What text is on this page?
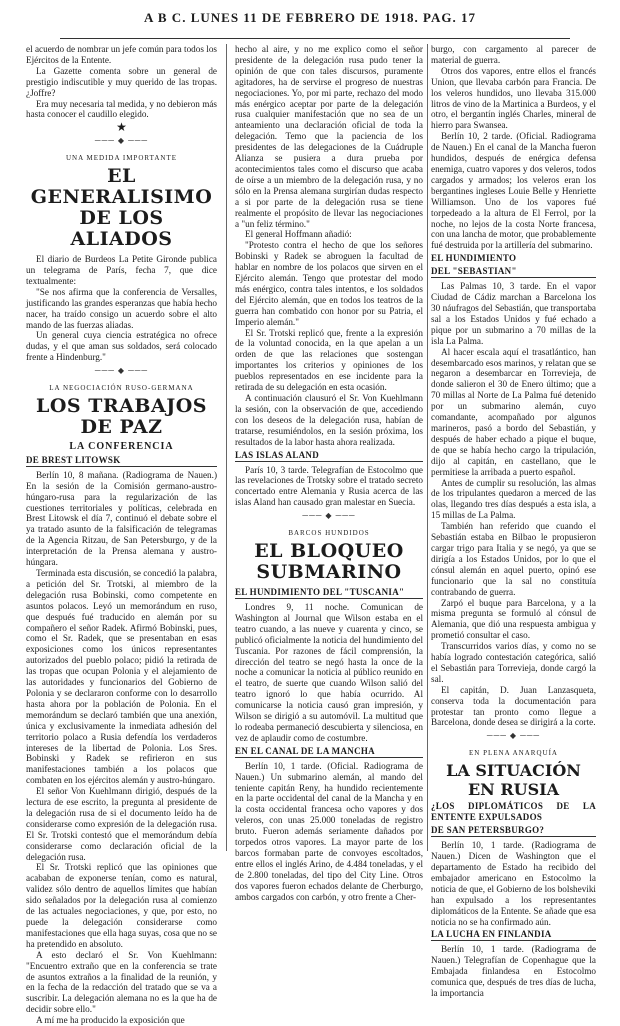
A B C. LUNES 11 DE FEBRERO DE 1918. PAG. 17

el acuerdo de nombrar un jefe común para todos los Ejércitos de la Entente.

La Gazette comenta sobre un general de prestigio indiscutible y muy querido de las tropas. ¿Joffre?

Era muy necesaria tal medida, y no debieron más hasta conocer el caudillo elegido.

★
─── ◆ ───

UNA MEDIDA IMPORTANTE

EL GENERALISIMO DE LOS ALIADOS

El diario de Burdeos La Petite Gironde publica un telegrama de París, fecha 7, que dice textualmente:

"Se nos afirma que la conferencia de Versalles, justificando las grandes esperanzas que había hecho nacer, ha traído consigo un acuerdo sobre el alto mando de las fuerzas aliadas.

Un general cuya ciencia estratégica no ofrece dudas, y el que aman sus soldados, será colocado frente a Hindenburg."

─── ◆ ───

LA NEGOCIACIÓN RUSO-GERMANA

LOS TRABAJOS DE PAZ
LA CONFERENCIA
DE BREST LITOWSK

Berlín 10, 8 mañana. (Radiograma de Nauen.) En la sesión de la Comisión germano-austro-húngaro-rusa para la regularización de las cuestiones territoriales y políticas, celebrada en Brest Litowsk el día 7, continuó el debate sobre el ya tratado asunto de la falsificación de telegramas de la Agencia Ritzau, de San Petersburgo, y de la interpretación de la Prensa alemana y austro-húngara.

Terminada esta discusión, se concedió la palabra, a petición del Sr. Trotski, al miembro de la delegación rusa Bobinski, como competente en asuntos polacos. Leyó un memorándum en ruso, que después fué traducido en alemán por su compañero el señor Radek. Afirmó Bobinski, pues, como el Sr. Radek, que se presentaban en esas exposiciones como los únicos representantes autorizados del pueblo polaco; pidió la retirada de las tropas que ocupan Polonia y el alejamiento de las autoridades y funcionarios del Gobierno de Polonia y se declararon conforme con lo desarrollo hasta ahora por la población de Polonia. En el memorándum se declaró también que una anexión, única y exclusivamente la inmediata adhesión del territorio polaco a Rusia defendía los verdaderos intereses de la libertad de Polonia. Los Sres. Bobinski y Radek se refirieron en sus manifestaciones también a los polacos que combaten en los ejércitos alemán y austro-húngaro.

El señor Von Kuehlmann dirigió, después de la lectura de ese escrito, la pregunta al presidente de la delegación rusa de si el documento leído ha de considerarse como expresión de la delegación rusa. El Sr. Trotski contestó que el memorándum debía considerarse como declaración oficial de la delegación rusa.

El Sr. Trotski replicó que las opiniones que acababan de exponerse tenían, como es natural, validez sólo dentro de aquellos límites que habían sido señalados por la delegación rusa al comienzo de las actuales negociaciones, y que, por esto, no puede la delegación considerarse como manifestaciones que ella haga suyas, cosa que no se ha pretendido en absoluto.

A esto declaró el Sr. Von Kuehlmann: "Encuentro extraño que en la conferencia se trate de asuntos extraños a la finalidad de la reunión, y en la fecha de la redacción del tratado que se va a suscribir. La delegación alemana no es la que ha de decidir sobre ello."

A mí me ha producido la exposición que

hecho al aire, y no me explico como el señor presidente de la delegación rusa pudo tener la opinión de que con tales discursos, puramente agitadores, ha de servirse el progreso de nuestras negociaciones. Yo, por mi parte, rechazo del modo más enérgico aceptar por parte de la delegación rusa cualquier manifestación que no sea de un anteamiento una declaración oficial de toda la delegación. Temo que la paciencia de los presidentes de las delegaciones de la Cuádruple Alianza se pusiera a dura prueba por acontecimientos tales como el discurso que acaba de oírse a un miembro de la delegación rusa, y no sólo en la Prensa alemana surgirían dudas respecto a si por parte de la delegación rusa se tiene realmente el propósito de llevar las negociaciones a "un feliz término."

El general Hoffmann añadió:

"Protesto contra el hecho de que los señores Bobinski y Radek se abroguen la facultad de hablar en nombre de los polacos que sirven en el Ejército alemán. Tengo que protestar del modo más enérgico, contra tales intentos, e los soldados del Ejército alemán, que en todos los teatros de la guerra han combatido con honor por su Patria, el Imperio alemán."

El Sr. Trotski replicó que, frente a la expresión de la voluntad conocida, en la que apelan a un orden de que las relaciones que sostengan importantes los criterios y opiniones de los pueblos representados en ese incidente para la retirada de su delegación en esta ocasión.

A continuación clausuró el Sr. Von Kuehlmann la sesión, con la observación de que, accediendo con los deseos de la delegación rusa, habían de tratarse, resumiéndolos, en la sesión próxima, los resultados de la labor hasta ahora realizada.

LAS ISLAS ALAND

París 10, 3 tarde. Telegrafían de Estocolmo que las revelaciones de Trotsky sobre el tratado secreto concertado entre Alemania y Rusia acerca de las islas Aland han causado gran malestar en Suecia.

─── ◆ ───

BARCOS HUNDIDOS

EL BLOQUEO SUBMARINO
EL HUNDIMIENTO DEL "TUSCANIA"

Londres 9, 11 noche. Comunican de Washington al Journal que Wilson estaba en el teatro cuando, a las nueve y cuarenta y cinco, se publicó oficialmente la noticia del hundimiento del Tuscania. Por razones de fácil comprensión, la dirección del teatro se negó hasta la once de la noche a comunicar la noticia al público reunido en el teatro, de suerte que cuando Wilson salió del teatro ignoró lo que había ocurrido. Al comunicarse la noticia causó gran impresión, y Wilson se dirigió a su automóvil. La multitud que lo rodeaba permaneció descubierta y silenciosa, en vez de aplaudir como de costumbre.

EN EL CANAL DE LA MANCHA

Berlín 10, 1 tarde. (Oficial. Radiograma de Nauen.) Un submarino alemán, al mando del teniente capitán Reny, ha hundido recientemente en la parte occidental del canal de la Mancha y en la costa occidental francesa ocho vapores y dos veleros, con unas 25.000 toneladas de registro bruto. Fueron además seriamente dañados por torpedos otros vapores. La mayor parte de los barcos formaban parte de convoyes escoltados, entre ellos el inglés Arino, de 4.484 toneladas, y el de 2.800 toneladas, del tipo del City Line. Otros dos vapores fueron echados delante de Cherburgo, ambos cargados con carbón, y otro frente a Cher-

burgo, con cargamento al parecer de material de guerra.

Otros dos vapores, entre ellos el francés Union, que llevaba carbón para Francia. De los veleros hundidos, uno llevaba 315.000 litros de vino de la Martinica a Burdeos, y el otro, el bergantín inglés Charles, mineral de hierro para Swansea.

Berlín 10, 2 tarde. (Oficial. Radiograma de Nauen.) En el canal de la Mancha fueron hundidos, después de enérgica defensa enemiga, cuatro vapores y dos veleros, todos cargados y armados; los veleros eran los bergantines ingleses Louie Belle y Henriette Williamson. Uno de los vapores fué torpedeado a la altura de El Ferrol, por la noche, no lejos de la costa Norte francesa, con una lancha de motor, que probablemente fué destruida por la artillería del submarino.

EL HUNDIMIENTO
DEL "SEBASTIAN"

Las Palmas 10, 3 tarde. En el vapor Ciudad de Cádiz marchan a Barcelona los 30 náufragos del Sebastián, que transportaba sal a los Estados Unidos y fué echado a pique por un submarino a 70 millas de la isla La Palma.

Al hacer escala aquí el trasatlántico, han desembarcado esos marinos, y relatan que se negaron a desembarcar en Torrevieja, de donde salieron el 30 de Enero último; que a 70 millas al Norte de La Palma fué detenido por un submarino alemán, cuyo comandante, acompañado por algunos marineros, pasó a bordo del Sebastián, y después de haber echado a pique el buque, de que se había hecho cargo la tripulación, dijo al capitán, en castellano, que le permitiese la arribada a puerto español.

Antes de cumplir su resolución, las almas de los tripulantes quedaron a merced de las olas, llegando tres días después a esta isla, a 15 millas de La Palma.

También han referido que cuando el Sebastián estaba en Bilbao le propusieron cargar trigo para Italia y se negó, ya que se dirigía a los Estados Unidos, por lo que el cónsul alemán en aquel puerto, opinó ese funcionario que la sal no constituía contrabando de guerra.

Zarpó el buque para Barcelona, y a la misma pregunta se formuló al cónsul de Alemania, que dió una respuesta ambigua y prometió consultar el caso.

Transcurridos varios días, y como no se había logrado contestación categórica, salió el Sebastián para Torrevieja, donde cargó la sal.

El capitán, D. Juan Lanzasqueta, conserva toda la documentación para protestar tan pronto como llegue a Barcelona, donde desea se dirigirá a la corte.

─── ◆ ───

EN PLENA ANARQUÍA

LA SITUACIÓN EN RUSIA
¿LOS DIPLOMÁTICOS DE LA ENTENTE EXPULSADOS
DE SAN PETERSBURGO?

Berlín 10, 1 tarde. (Radiograma de Nauen.) Dicen de Washington que el departamento de Estado ha recibido del embajador americano en Estocolmo la noticia de que, el Gobierno de los bolsheviki han expulsado a los representantes diplomáticos de la Entente. Se añade que esa noticia no se ha confirmado aún.

LA LUCHA EN FINLANDIA

Berlín 10, 1 tarde. (Radiograma de Nauen.) Telegrafían de Copenhague que la Embajada finlandesa en Estocolmo comunica que, después de tres días de lucha, la importancia
